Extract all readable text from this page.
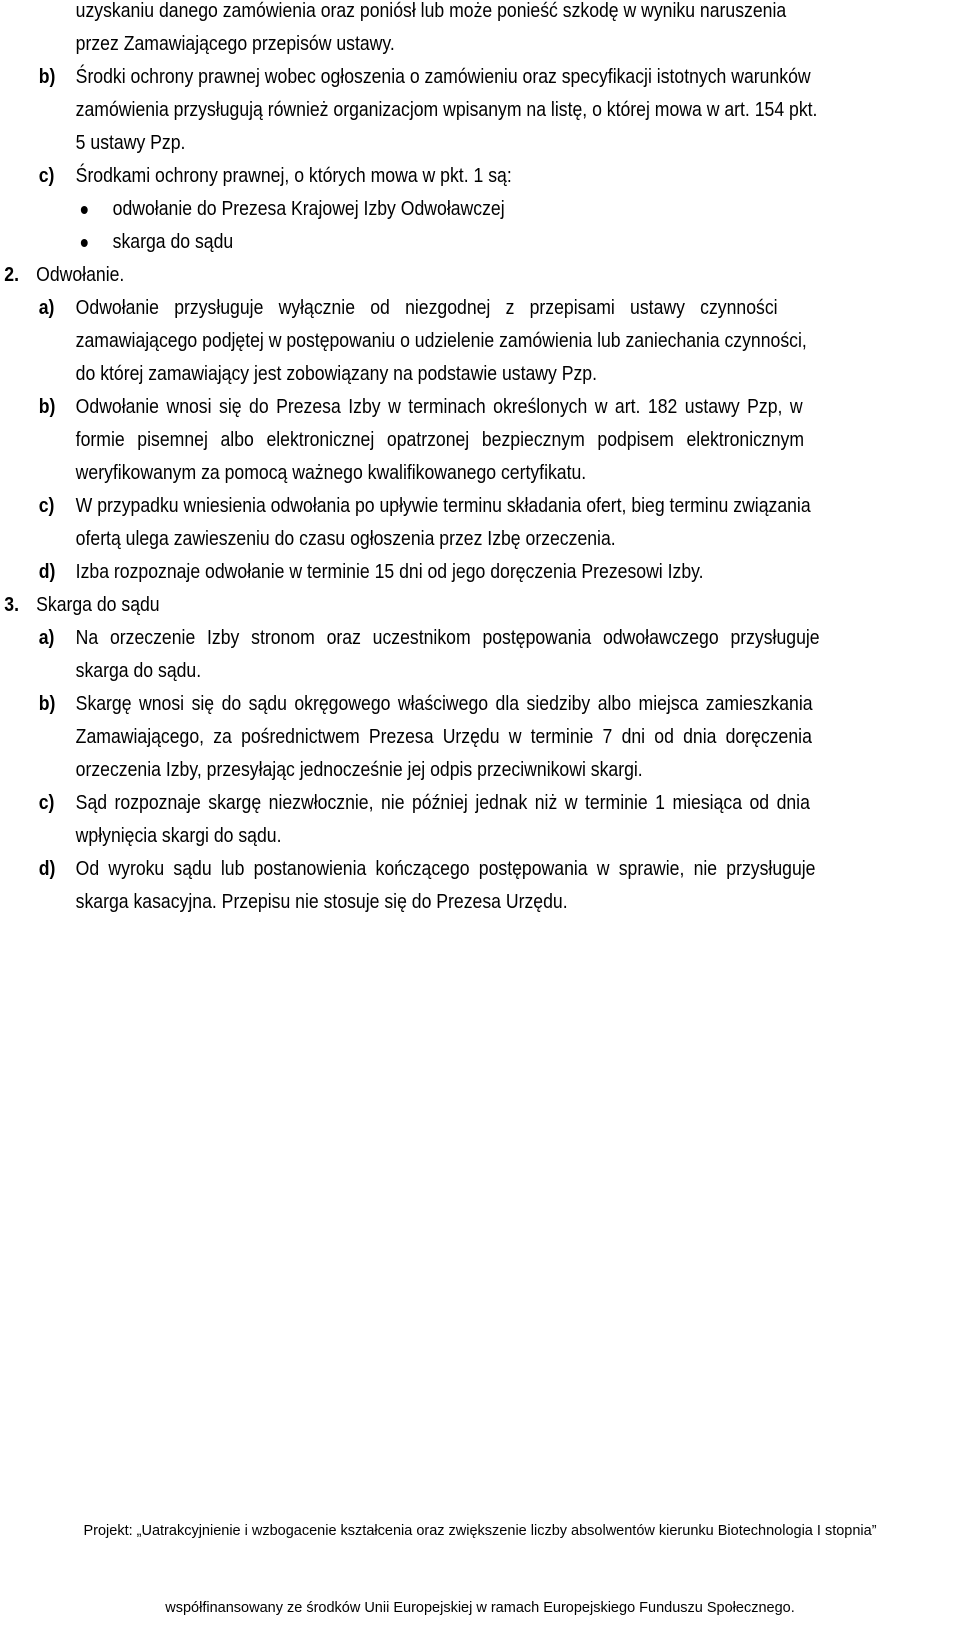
uzyskaniu danego zamówienia oraz poniósł lub może ponieść szkodę w wyniku naruszenia
przez Zamawiającego przepisów ustawy.
b) Środki ochrony prawnej wobec ogłoszenia o zamówieniu oraz specyfikacji istotnych warunków
zamówienia przysługują również organizacjom wpisanym na listę, o której mowa w art. 154 pkt.
5 ustawy Pzp.
c) Środkami ochrony prawnej, o których mowa w pkt. 1 są:
odwołanie do Prezesa Krajowej Izby Odwoławczej
skarga do sądu
2. Odwołanie.
a) Odwołanie przysługuje wyłącznie od niezgodnej z przepisami ustawy czynności
zamawiającego podjętej w postępowaniu o udzielenie zamówienia lub zaniechania czynności,
do której zamawiający jest zobowiązany na podstawie ustawy Pzp.
b) Odwołanie wnosi się do Prezesa Izby w terminach określonych w art. 182 ustawy Pzp, w
formie pisemnej albo elektronicznej opatrzonej bezpiecznym podpisem elektronicznym
weryfikowanym za pomocą ważnego kwalifikowanego certyfikatu.
c) W przypadku wniesienia odwołania po upływie terminu składania ofert, bieg terminu związania
ofertą ulega zawieszeniu do czasu ogłoszenia przez Izbę orzeczenia.
d) Izba rozpoznaje odwołanie w terminie 15 dni od jego doręczenia Prezesowi Izby.
3. Skarga do sądu
a) Na orzeczenie Izby stronom oraz uczestnikom postępowania odwoławczego przysługuje
skarga do sądu.
b) Skargę wnosi się do sądu okręgowego właściwego dla siedziby albo miejsca zamieszkania
Zamawiającego, za pośrednictwem Prezesa Urzędu w terminie 7 dni od dnia doręczenia
orzeczenia Izby, przesyłając jednocześnie jej odpis przeciwnikowi skargi.
c) Sąd rozpoznaje skargę niezwłocznie, nie później jednak niż w terminie 1 miesiąca od dnia
wpłynięcia skargi do sądu.
d) Od wyroku sądu lub postanowienia kończącego postępowania w sprawie, nie przysługuje
skarga kasacyjna. Przepisu nie stosuje się do Prezesa Urzędu.
Projekt: „Uatrakcyjnienie i wzbogacenie kształcenia oraz zwiększenie liczby absolwentów kierunku Biotechnologia I stopnia”
współfinansowany ze środków Unii Europejskiej w ramach Europejskiego Funduszu Społecznego.
